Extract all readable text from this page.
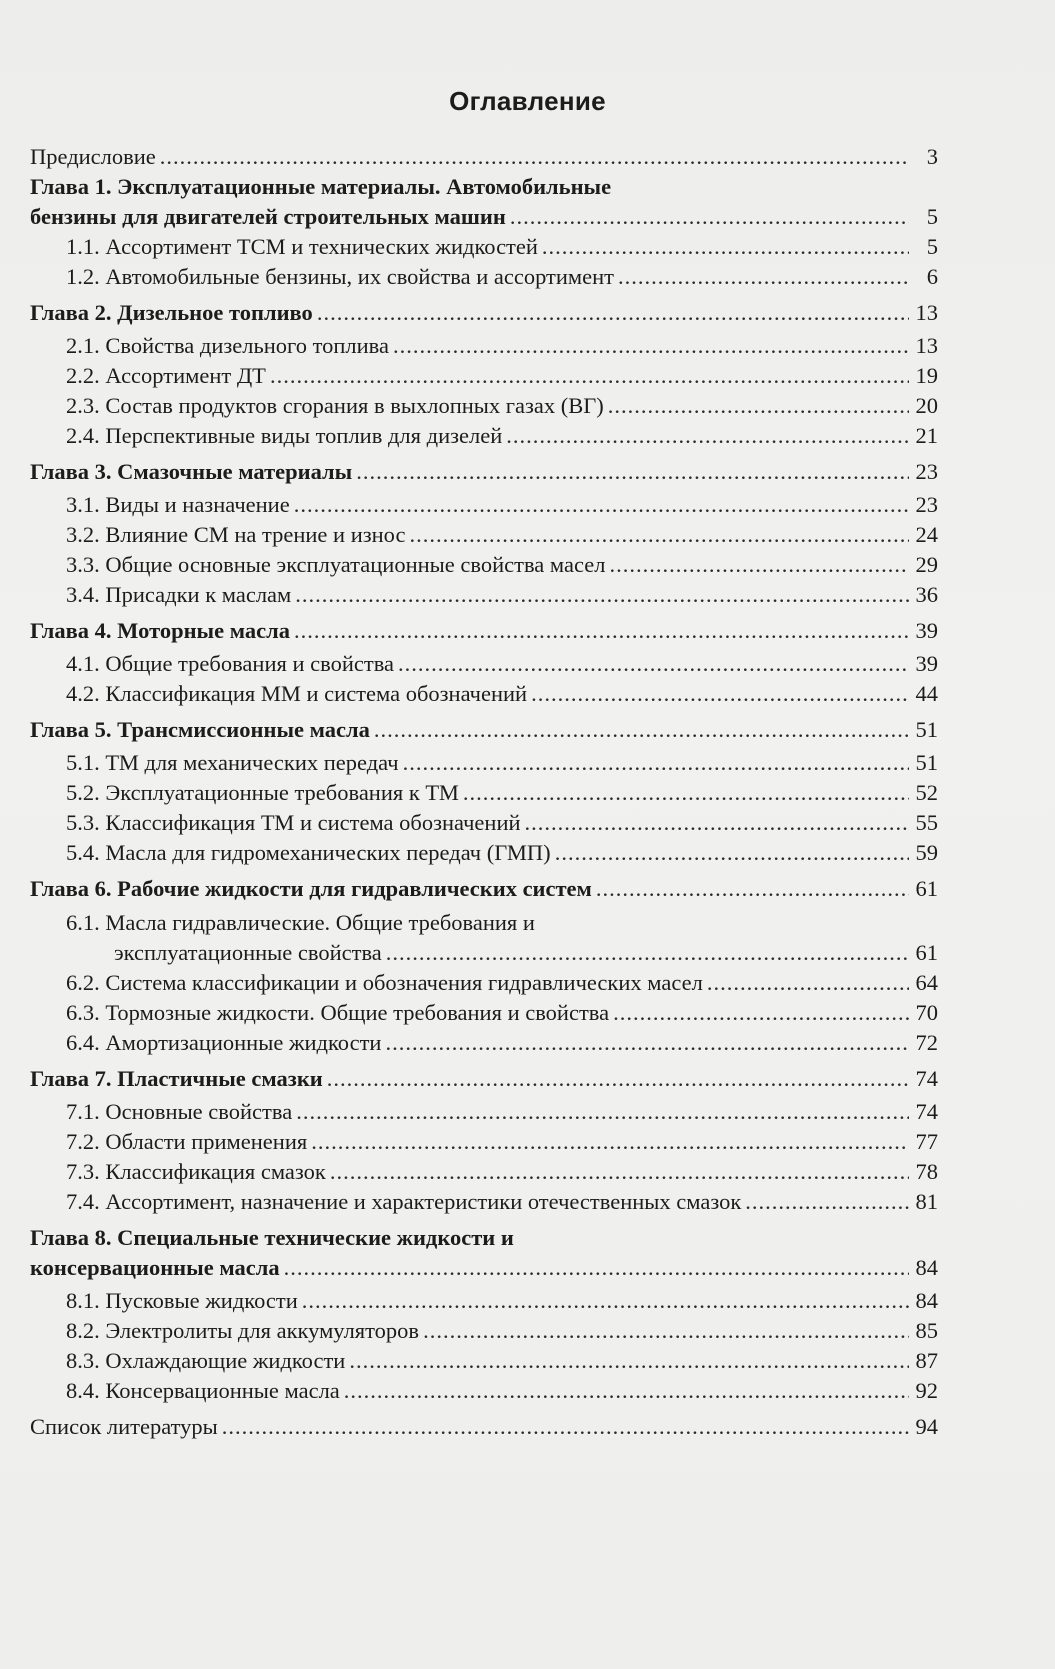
Оглавление
Предисловие .....	3
Глава 1. Эксплуатационные материалы. Автомобильные
бензины для двигателей строительных машин .....	5
1.1. Ассортимент ТСМ и технических жидкостей .....	5
1.2. Автомобильные бензины, их свойства и ассортимент .....	6
Глава 2. Дизельное топливо .....	13
2.1. Свойства дизельного топлива .....	13
2.2. Ассортимент ДТ .....	19
2.3. Состав продуктов сгорания в выхлопных газах (ВГ) .....	20
2.4. Перспективные виды топлив для дизелей .....	21
Глава 3. Смазочные материалы .....	23
3.1. Виды и назначение .....	23
3.2. Влияние СМ на трение и износ .....	24
3.3. Общие основные эксплуатационные свойства масел .....	29
3.4. Присадки к маслам .....	36
Глава 4. Моторные масла .....	39
4.1. Общие требования и свойства .....	39
4.2. Классификация ММ и система обозначений .....	44
Глава 5. Трансмиссионные масла .....	51
5.1. ТМ для механических передач .....	51
5.2. Эксплуатационные требования к ТМ .....	52
5.3. Классификация ТМ и система обозначений .....	55
5.4. Масла для гидромеханических передач (ГМП) .....	59
Глава 6. Рабочие жидкости для гидравлических систем .....	61
6.1. Масла гидравлические. Общие требования и
эксплуатационные свойства .....	61
6.2. Система классификации и обозначения гидравлических масел .....	64
6.3. Тормозные жидкости. Общие требования и свойства .....	70
6.4. Амортизационные жидкости .....	72
Глава 7. Пластичные смазки .....	74
7.1. Основные свойства .....	74
7.2. Области применения .....	77
7.3. Классификация смазок .....	78
7.4. Ассортимент, назначение и характеристики отечественных смазок .....	81
Глава 8. Специальные технические жидкости и
консервационные масла .....	84
8.1. Пусковые жидкости .....	84
8.2. Электролиты для аккумуляторов .....	85
8.3. Охлаждающие жидкости .....	87
8.4. Консервационные масла .....	92
Список литературы .....	94
